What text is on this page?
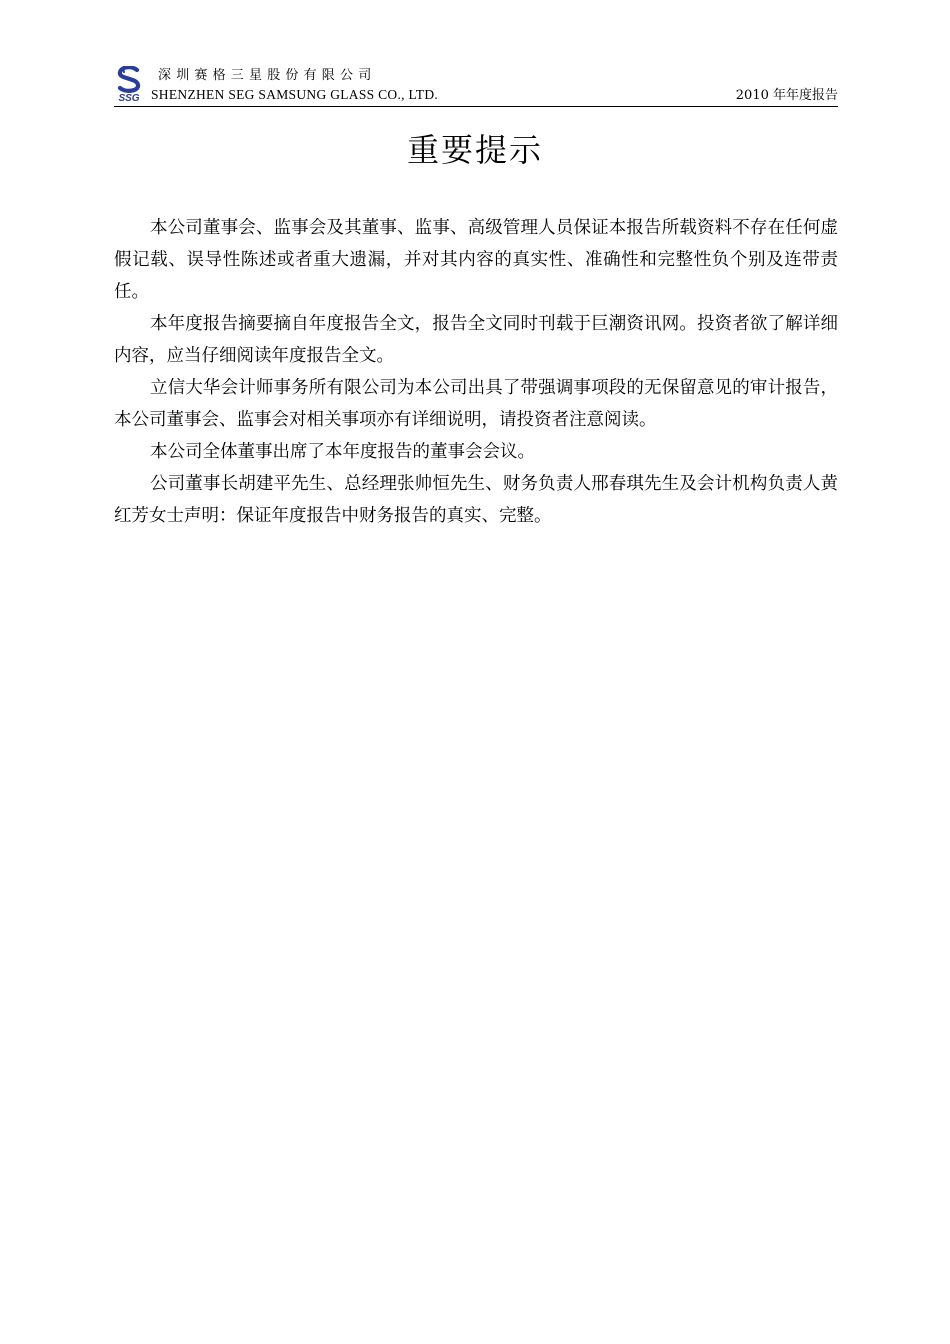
SSG
深圳赛格三星股份有限公司
SHENZHEN SEG SAMSUNG GLASS CO., LTD.	2010 年年度报告
重要提示

本公司董事会、监事会及其董事、监事、高级管理人员保证本报告所载资料不存在任何虚假记载、误导性陈述或者重大遗漏，并对其内容的真实性、准确性和完整性负个别及连带责任。

本年度报告摘要摘自年度报告全文，报告全文同时刊载于巨潮资讯网。投资者欲了解详细内容，应当仔细阅读年度报告全文。

立信大华会计师事务所有限公司为本公司出具了带强调事项段的无保留意见的审计报告，本公司董事会、监事会对相关事项亦有详细说明，请投资者注意阅读。

本公司全体董事出席了本年度报告的董事会会议。

公司董事长胡建平先生、总经理张帅恒先生、财务负责人邢春琪先生及会计机构负责人黄红芳女士声明：保证年度报告中财务报告的真实、完整。
